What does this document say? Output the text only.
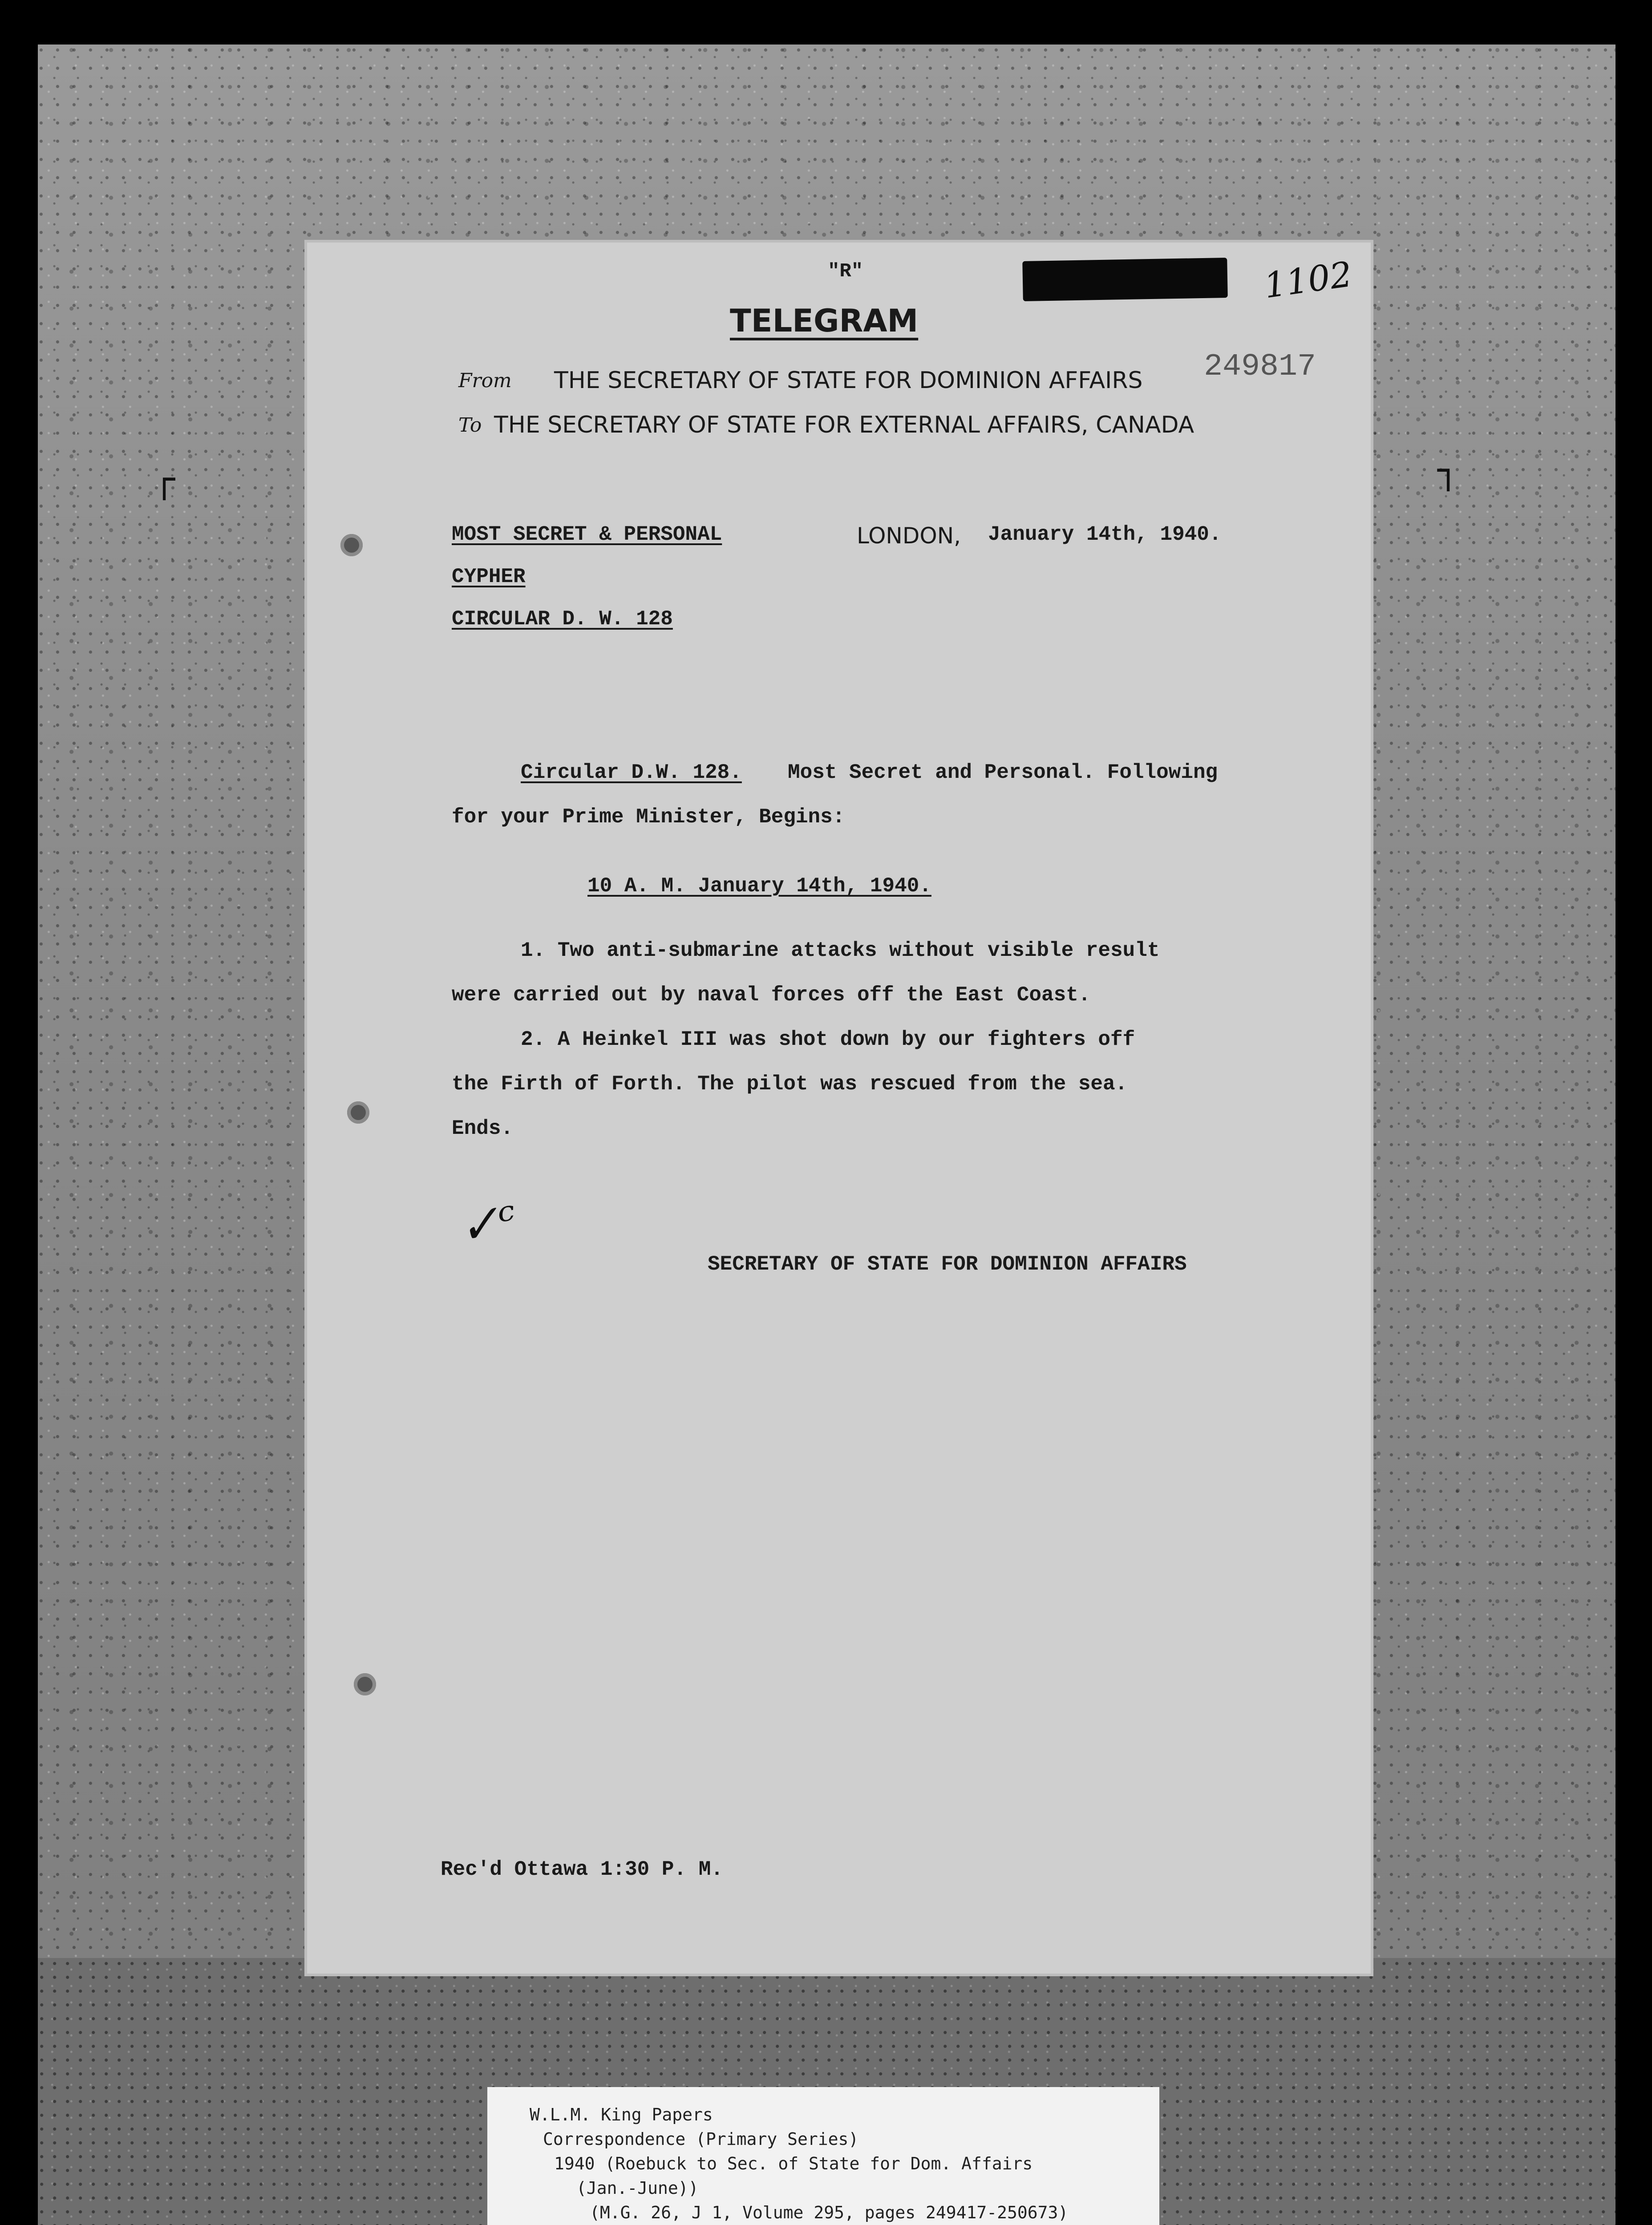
┌	┐
"R"	1102
TELEGRAM
249817
From THE SECRETARY OF STATE FOR DOMINION AFFAIRS
To THE SECRETARY OF STATE FOR EXTERNAL AFFAIRS, CANADA
MOST SECRET & PERSONAL	LONDON, January 14th, 1940.
CYPHER
CIRCULAR D. W. 128
Circular D.W. 128. Most Secret and Personal. Following
for your Prime Minister, Begins:
10 A. M. January 14th, 1940.
1. Two anti-submarine attacks without visible result
were carried out by naval forces off the East Coast.
2. A Heinkel III was shot down by our fighters off
the Firth of Forth. The pilot was rescued from the sea.
Ends.
✓ᶜ
SECRETARY OF STATE FOR DOMINION AFFAIRS
Rec'd Ottawa 1:30 P. M.
W.L.M. King Papers
Correspondence (Primary Series)
1940 (Roebuck to Sec. of State for Dom. Affairs
(Jan.-June))
(M.G. 26, J 1, Volume 295, pages 249417-250673)
